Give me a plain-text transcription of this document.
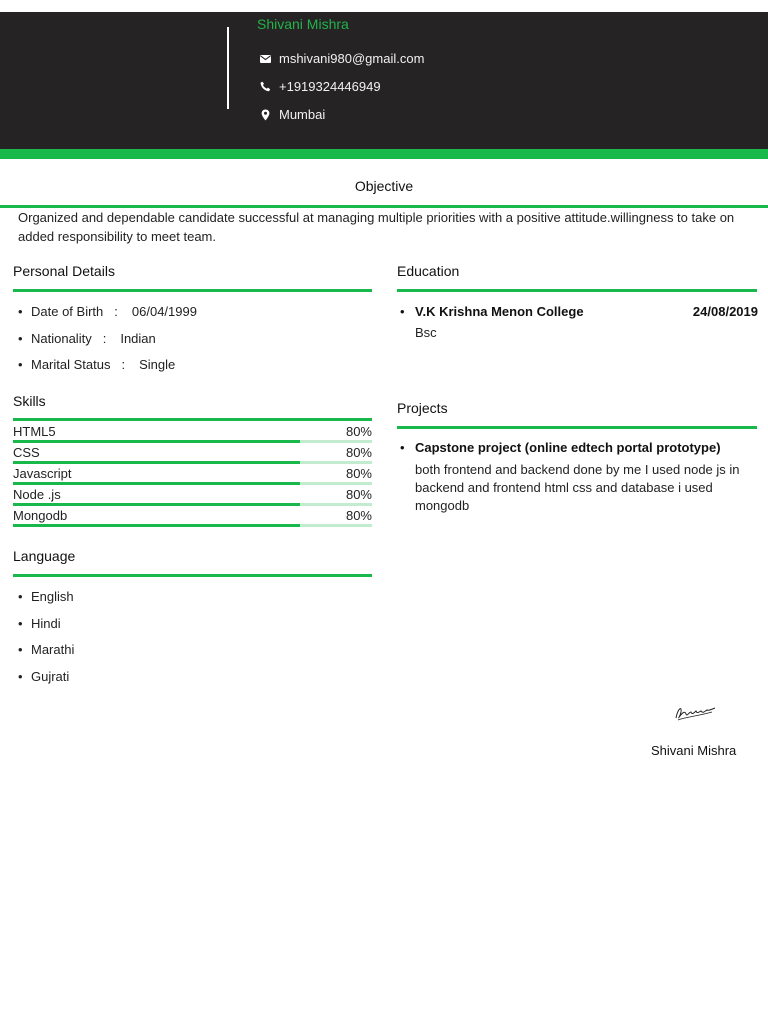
Shivani Mishra
mshivani980@gmail.com
+1919324446949
Mumbai
Objective
Organized and dependable candidate successful at managing multiple priorities with a positive attitude.willingness to take on added responsibility to meet team.
Personal Details
• Date of Birth : 06/04/1999
• Nationality : Indian
• Marital Status : Single
Skills
HTML5	80%
CSS	80%
Javascript	80%
Node .js	80%
Mongodb	80%
Language
• English
• Hindi
• Marathi
• Gujrati
Education
• V.K Krishna Menon College	24/08/2019
Bsc
Projects
• Capstone project (online edtech portal prototype)
both frontend and backend done by me I used node js in backend and frontend html css and database i used mongodb
Shivani Mishra
